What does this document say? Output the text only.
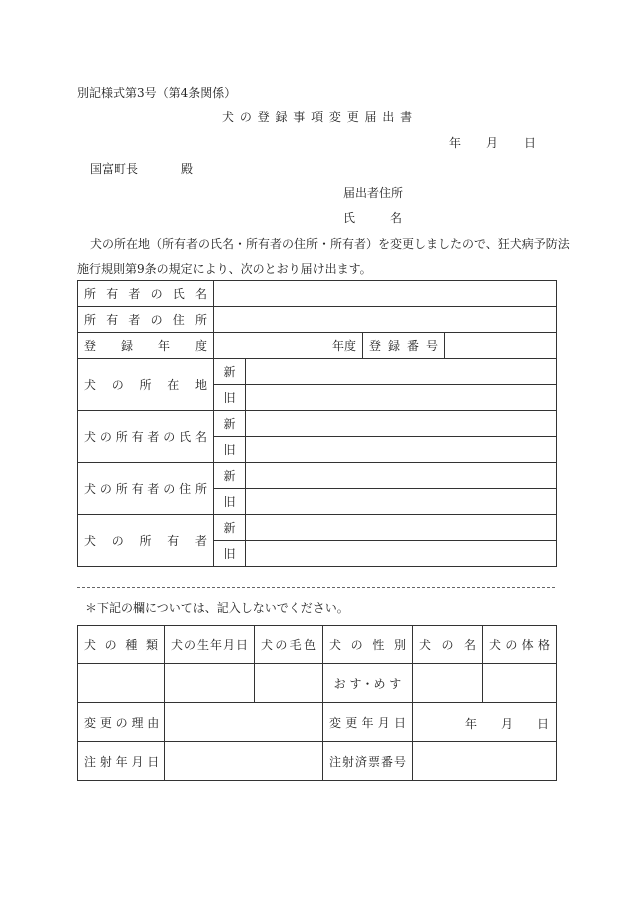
別記様式第3号（第4条関係）
犬 の 登 録 事 項 変 更 届 出 書
年 月 日
国富町長	殿
届出者住所
氏	名
犬の所在地（所有者の氏名・所有者の住所・所有者）を変更しましたので、狂犬病予防法
施行規則第9条の規定により、次のとおり届け出ます。
所 有 者 の 氏 名				
所 有 者 の 住 所				
登　録　年　度	年度		登 録 番 号	
犬 の 所 在 地	新			
	旧			
犬の所有者の氏名	新			
	旧			
犬の所有者の住所	新			
	旧			
犬 の 所 有 者	新			
	旧			
＊下記の欄については、記入しないでください。
犬 の 種 類	犬の生年月日	犬の毛色	犬 の 性 別	犬 の 名	犬の体格
			お す・め す		
変 更 の 理 由			変 更 年 月 日	年 月 日	

注 射 年 月 日			注射済票番号		
